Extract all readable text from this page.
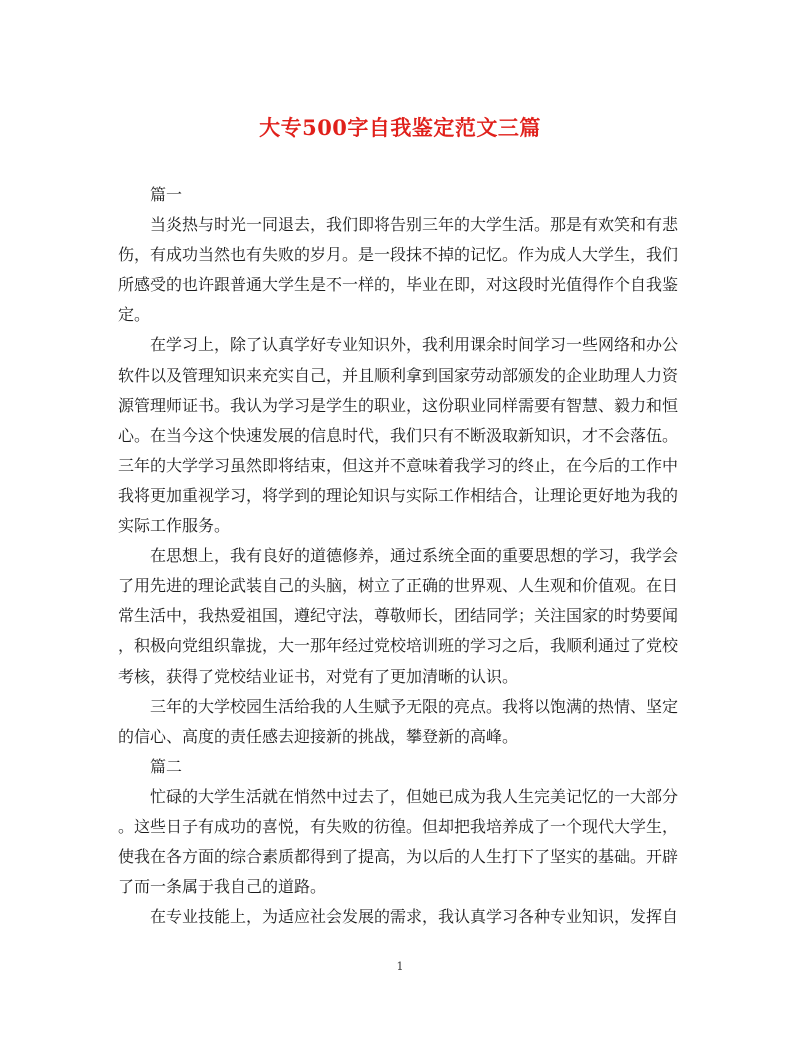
大专500字自我鉴定范文三篇
篇一
当炎热与时光一同退去，我们即将告别三年的大学生活。那是有欢笑和有悲
伤，有成功当然也有失败的岁月。是一段抹不掉的记忆。作为成人大学生，我们
所感受的也许跟普通大学生是不一样的，毕业在即，对这段时光值得作个自我鉴
定。
在学习上，除了认真学好专业知识外，我利用课余时间学习一些网络和办公
软件以及管理知识来充实自己，并且顺利拿到国家劳动部颁发的企业助理人力资
源管理师证书。我认为学习是学生的职业，这份职业同样需要有智慧、毅力和恒
心。在当今这个快速发展的信息时代，我们只有不断汲取新知识，才不会落伍。
三年的大学学习虽然即将结束，但这并不意味着我学习的终止，在今后的工作中
我将更加重视学习，将学到的理论知识与实际工作相结合，让理论更好地为我的
实际工作服务。
在思想上，我有良好的道德修养，通过系统全面的重要思想的学习，我学会
了用先进的理论武装自己的头脑，树立了正确的世界观、人生观和价值观。在日
常生活中，我热爱祖国，遵纪守法，尊敬师长，团结同学；关注国家的时势要闻
，积极向党组织靠拢，大一那年经过党校培训班的学习之后，我顺利通过了党校
考核，获得了党校结业证书，对党有了更加清晰的认识。
三年的大学校园生活给我的人生赋予无限的亮点。我将以饱满的热情、坚定
的信心、高度的责任感去迎接新的挑战，攀登新的高峰。
篇二
忙碌的大学生活就在悄然中过去了，但她已成为我人生完美记忆的一大部分
。这些日子有成功的喜悦，有失败的彷徨。但却把我培养成了一个现代大学生，
使我在各方面的综合素质都得到了提高，为以后的人生打下了坚实的基础。开辟
了而一条属于我自己的道路。
在专业技能上，为适应社会发展的需求，我认真学习各种专业知识，发挥自
1
